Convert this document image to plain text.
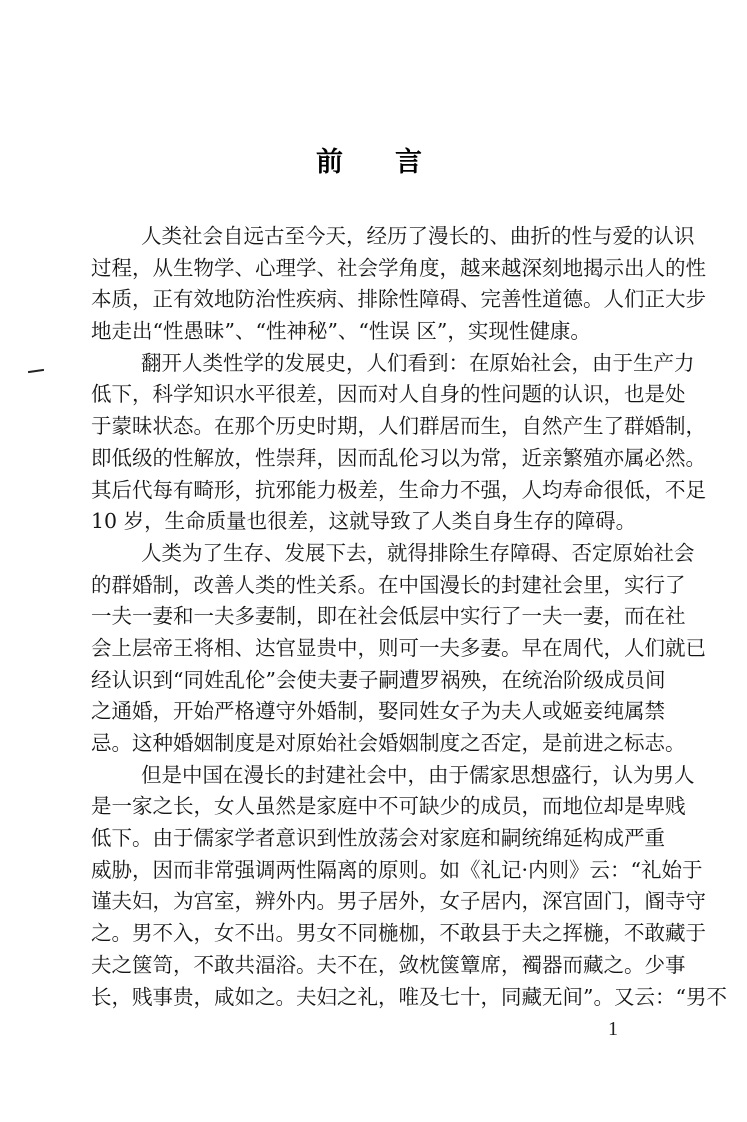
前 言
人类社会自远古至今天，经历了漫长的、曲折的性与爱的认识
过程，从生物学、心理学、社会学角度，越来越深刻地揭示出人的性
本质，正有效地防治性疾病、排除性障碍、完善性道德。人们正大步
地走出“性愚昧”、“性神秘”、“性误 区”，实现性健康。
翻开人类性学的发展史，人们看到：在原始社会，由于生产力
低下，科学知识水平很差，因而对人自身的性问题的认识，也是处
于蒙昧状态。在那个历史时期，人们群居而生，自然产生了群婚制，
即低级的性解放，性崇拜，因而乱伦习以为常，近亲繁殖亦属必然。
其后代每有畸形，抗邪能力极差，生命力不强，人均寿命很低，不足
10 岁，生命质量也很差，这就导致了人类自身生存的障碍。
人类为了生存、发展下去，就得排除生存障碍、否定原始社会
的群婚制，改善人类的性关系。在中国漫长的封建社会里，实行了
一夫一妻和一夫多妻制，即在社会低层中实行了一夫一妻，而在社
会上层帝王将相、达官显贵中，则可一夫多妻。早在周代，人们就已
经认识到“同姓乱伦”会使夫妻子嗣遭罗祸殃，在统治阶级成员间
之通婚，开始严格遵守外婚制，娶同姓女子为夫人或姬妾纯属禁
忌。这种婚姻制度是对原始社会婚姻制度之否定，是前进之标志。
但是中国在漫长的封建社会中，由于儒家思想盛行，认为男人
是一家之长，女人虽然是家庭中不可缺少的成员，而地位却是卑贱
低下。由于儒家学者意识到性放荡会对家庭和嗣统绵延构成严重
威胁，因而非常强调两性隔离的原则。如《礼记·内则》云：“礼始于
谨夫妇，为宫室，辨外内。男子居外，女子居内，深宫固门，阍寺守
之。男不入，女不出。男女不同椸枷，不敢县于夫之挥椸，不敢藏于
夫之箧笥，不敢共湢浴。夫不在，敛枕箧簟席，襡器而藏之。少事
长，贱事贵，咸如之。夫妇之礼，唯及七十，同藏无间”。又云：“男不
1
